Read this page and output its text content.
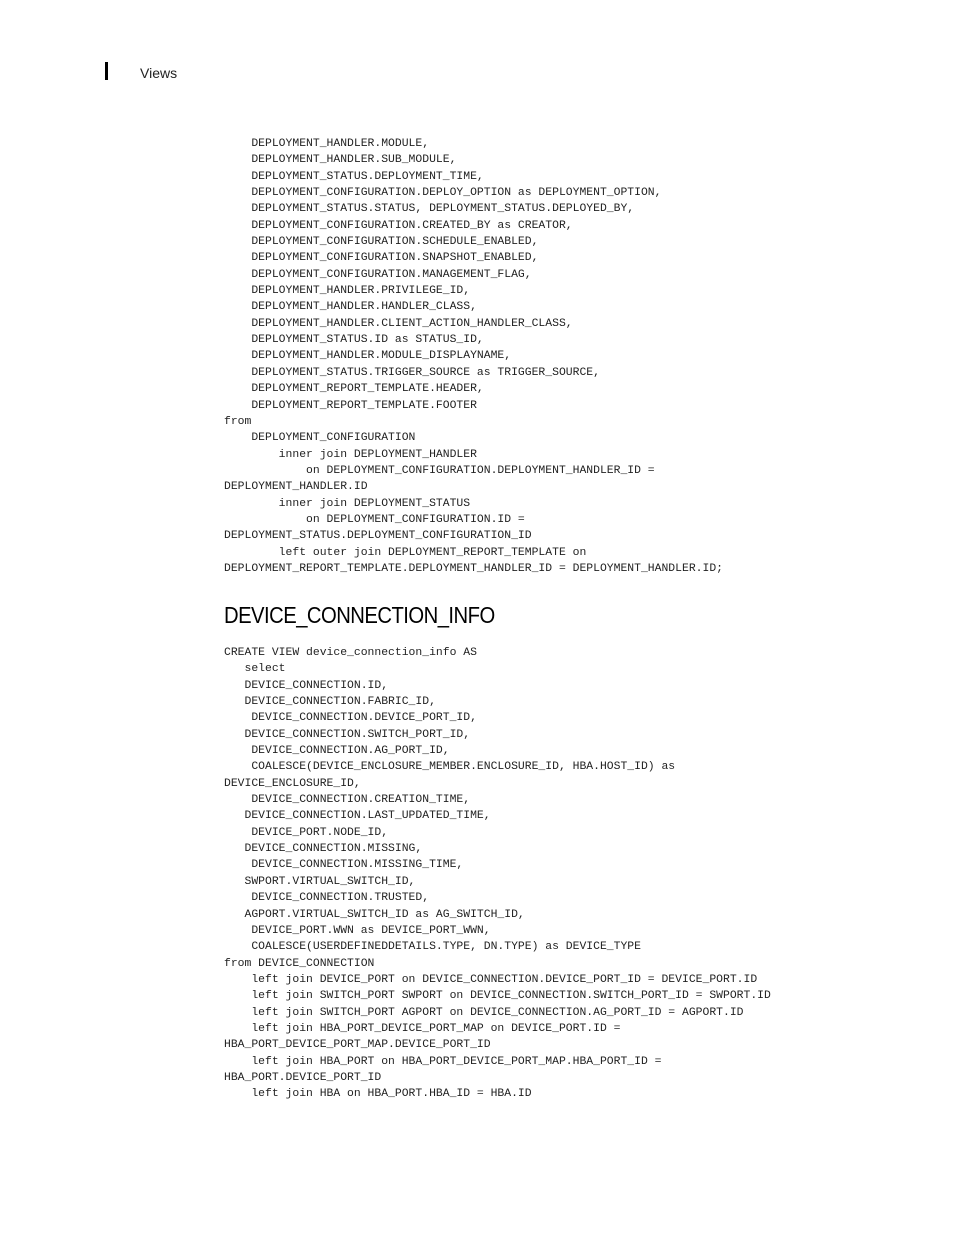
Views
DEPLOYMENT_HANDLER.MODULE,
DEPLOYMENT_HANDLER.SUB_MODULE,
DEPLOYMENT_STATUS.DEPLOYMENT_TIME,
DEPLOYMENT_CONFIGURATION.DEPLOY_OPTION as DEPLOYMENT_OPTION,
DEPLOYMENT_STATUS.STATUS, DEPLOYMENT_STATUS.DEPLOYED_BY,
DEPLOYMENT_CONFIGURATION.CREATED_BY as CREATOR,
DEPLOYMENT_CONFIGURATION.SCHEDULE_ENABLED,
DEPLOYMENT_CONFIGURATION.SNAPSHOT_ENABLED,
DEPLOYMENT_CONFIGURATION.MANAGEMENT_FLAG,
DEPLOYMENT_HANDLER.PRIVILEGE_ID,
DEPLOYMENT_HANDLER.HANDLER_CLASS,
DEPLOYMENT_HANDLER.CLIENT_ACTION_HANDLER_CLASS,
DEPLOYMENT_STATUS.ID as STATUS_ID,
DEPLOYMENT_HANDLER.MODULE_DISPLAYNAME,
DEPLOYMENT_STATUS.TRIGGER_SOURCE as TRIGGER_SOURCE,
DEPLOYMENT_REPORT_TEMPLATE.HEADER,
DEPLOYMENT_REPORT_TEMPLATE.FOOTER
from
DEPLOYMENT_CONFIGURATION
inner join DEPLOYMENT_HANDLER
on DEPLOYMENT_CONFIGURATION.DEPLOYMENT_HANDLER_ID =
DEPLOYMENT_HANDLER.ID
inner join DEPLOYMENT_STATUS
on DEPLOYMENT_CONFIGURATION.ID =
DEPLOYMENT_STATUS.DEPLOYMENT_CONFIGURATION_ID
left outer join DEPLOYMENT_REPORT_TEMPLATE on
DEPLOYMENT_REPORT_TEMPLATE.DEPLOYMENT_HANDLER_ID = DEPLOYMENT_HANDLER.ID;
DEVICE_CONNECTION_INFO
CREATE VIEW device_connection_info AS
select
DEVICE_CONNECTION.ID,
DEVICE_CONNECTION.FABRIC_ID,
DEVICE_CONNECTION.DEVICE_PORT_ID,
DEVICE_CONNECTION.SWITCH_PORT_ID,
DEVICE_CONNECTION.AG_PORT_ID,
COALESCE(DEVICE_ENCLOSURE_MEMBER.ENCLOSURE_ID, HBA.HOST_ID) as
DEVICE_ENCLOSURE_ID,
DEVICE_CONNECTION.CREATION_TIME,
DEVICE_CONNECTION.LAST_UPDATED_TIME,
DEVICE_PORT.NODE_ID,
DEVICE_CONNECTION.MISSING,
DEVICE_CONNECTION.MISSING_TIME,
SWPORT.VIRTUAL_SWITCH_ID,
DEVICE_CONNECTION.TRUSTED,
AGPORT.VIRTUAL_SWITCH_ID as AG_SWITCH_ID,
DEVICE_PORT.WWN as DEVICE_PORT_WWN,
COALESCE(USERDEFINEDDETAILS.TYPE, DN.TYPE) as DEVICE_TYPE
from DEVICE_CONNECTION
left join DEVICE_PORT on DEVICE_CONNECTION.DEVICE_PORT_ID = DEVICE_PORT.ID
left join SWITCH_PORT SWPORT on DEVICE_CONNECTION.SWITCH_PORT_ID = SWPORT.ID
left join SWITCH_PORT AGPORT on DEVICE_CONNECTION.AG_PORT_ID = AGPORT.ID
left join HBA_PORT_DEVICE_PORT_MAP on DEVICE_PORT.ID =
HBA_PORT_DEVICE_PORT_MAP.DEVICE_PORT_ID
left join HBA_PORT on HBA_PORT_DEVICE_PORT_MAP.HBA_PORT_ID =
HBA_PORT.DEVICE_PORT_ID
left join HBA on HBA_PORT.HBA_ID = HBA.ID
